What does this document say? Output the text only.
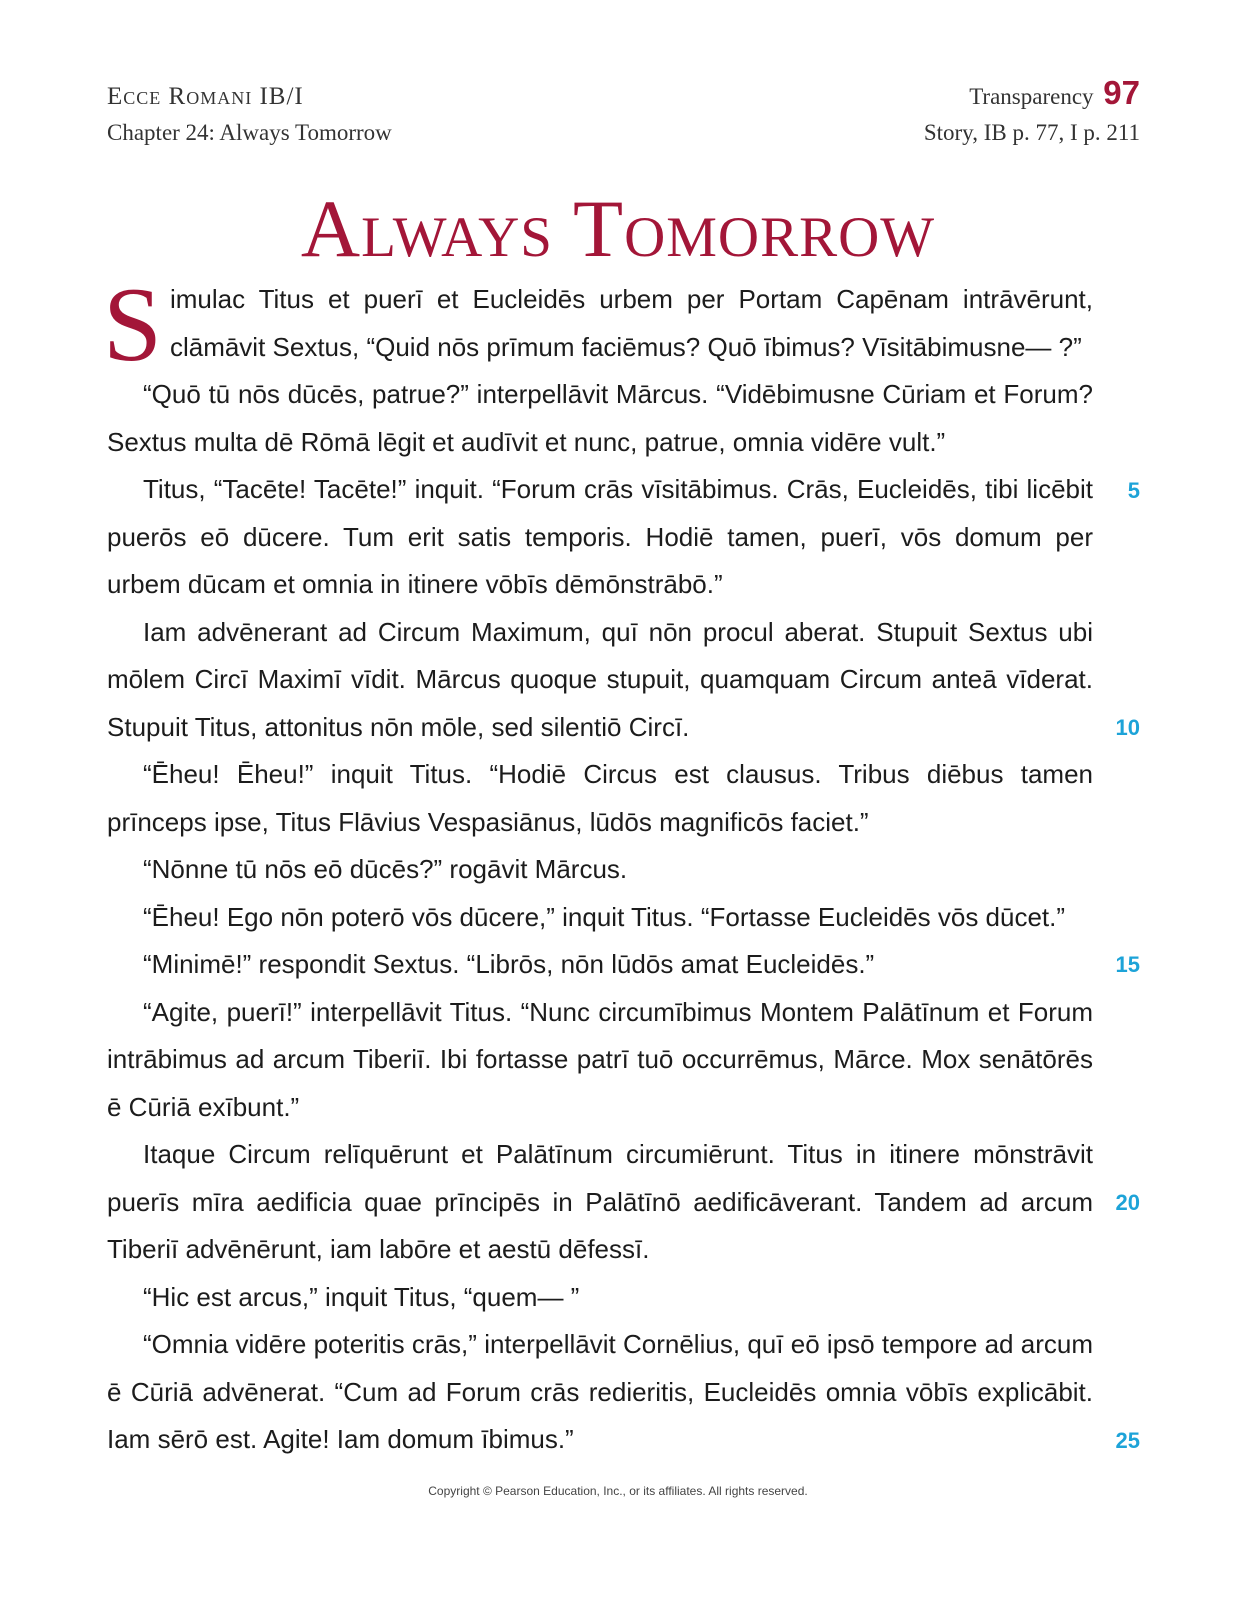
Ecce Romani IB/I	Transparency 97
Chapter 24: Always Tomorrow	Story, IB p. 77, I p. 211
Always Tomorrow

Simulac Titus et puerī et Eucleidēs urbem per Portam Capēnam intrāvērunt, clāmāvit Sextus, “Quid nōs prīmum faciēmus? Quō ībimus? Vīsitābimusne— ?”

“Quō tū nōs dūcēs, patrue?” interpellāvit Mārcus. “Vidēbimusne Cūriam et Forum? Sextus multa dē Rōmā lēgit et audīvit et nunc, patrue, omnia vidēre vult.”

Titus, “Tacēte! Tacēte!” inquit. “Forum crās vīsitābimus. Crās, Eucleidēs, tibi licēbit puerōs eō dūcere. Tum erit satis temporis. Hodiē tamen, puerī, vōs domum per urbem dūcam et omnia in itinere vōbīs dēmōnstrābō.”

Iam advēnerant ad Circum Maximum, quī nōn procul aberat. Stupuit Sextus ubi mōlem Circī Maximī vīdit. Mārcus quoque stupuit, quamquam Circum anteā vīderat. Stupuit Titus, attonitus nōn mōle, sed silentiō Circī.

“Ēheu! Ēheu!” inquit Titus. “Hodiē Circus est clausus. Tribus diēbus tamen prīnceps ipse, Titus Flāvius Vespasiānus, lūdōs magnificōs faciet.”

“Nōnne tū nōs eō dūcēs?” rogāvit Mārcus.

“Ēheu! Ego nōn poterō vōs dūcere,” inquit Titus. “Fortasse Eucleidēs vōs dūcet.”

“Minimē!” respondit Sextus. “Librōs, nōn lūdōs amat Eucleidēs.”

“Agite, puerī!” interpellāvit Titus. “Nunc circumībimus Montem Palātīnum et Forum intrābimus ad arcum Tiberiī. Ibi fortasse patrī tuō occurrēmus, Mārce. Mox senātōrēs ē Cūriā exībunt.”

Itaque Circum relīquērunt et Palātīnum circumiērunt. Titus in itinere mōnstrāvit puerīs mīra aedificia quae prīncipēs in Palātīnō aedificāverant. Tandem ad arcum Tiberiī advēnērunt, iam labōre et aestū dēfessī.

“Hic est arcus,” inquit Titus, “quem— ”

“Omnia vidēre poteritis crās,” interpellāvit Cornēlius, quī eō ipsō tempore ad arcum ē Cūriā advēnerat. “Cum ad Forum crās redieritis, Eucleidēs omnia vōbīs explicābit. Iam sērō est. Agite! Iam domum ībimus.”

5
10
15
20
25
Copyright © Pearson Education, Inc., or its affiliates. All rights reserved.
